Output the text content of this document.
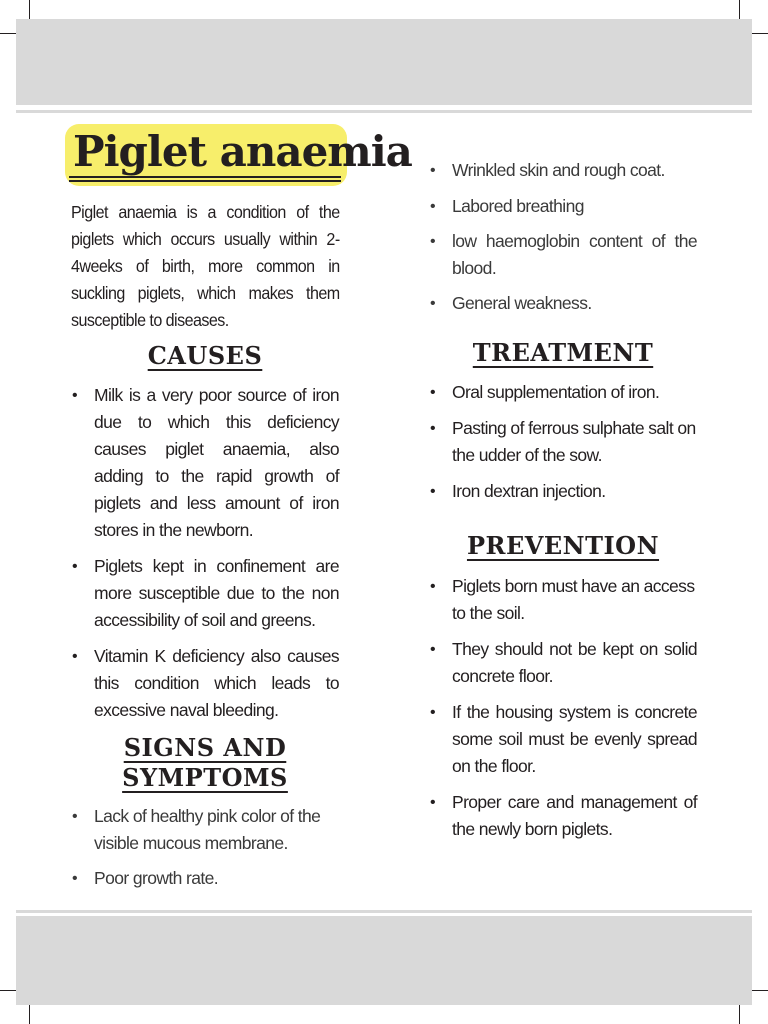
Piglet anaemia

Piglet anaemia is a condition of the piglets which occurs usually within 2-4weeks of birth, more common in suckling piglets, which makes them susceptible to diseases.

CAUSES
• Milk is a very poor source of iron due to which this deficiency causes piglet anaemia, also adding to the rapid growth of piglets and less amount of iron stores in the newborn.
• Piglets kept in confinement are more susceptible due to the non accessibility of soil and greens.
• Vitamin K deficiency also causes this condition which leads to excessive naval bleeding.
SIGNS AND
SYMPTOMS
• Lack of healthy pink color of the visible mucous membrane.
• Poor growth rate.
• Wrinkled skin and rough coat.
• Labored breathing
• low haemoglobin content of the blood.
• General weakness.
TREATMENT
• Oral supplementation of iron.
• Pasting of ferrous sulphate salt on the udder of the sow.
• Iron dextran injection.
PREVENTION
• Piglets born must have an access to the soil.
• They should not be kept on solid concrete floor.
• If the housing system is concrete some soil must be evenly spread on the floor.
• Proper care and management of the newly born piglets.
